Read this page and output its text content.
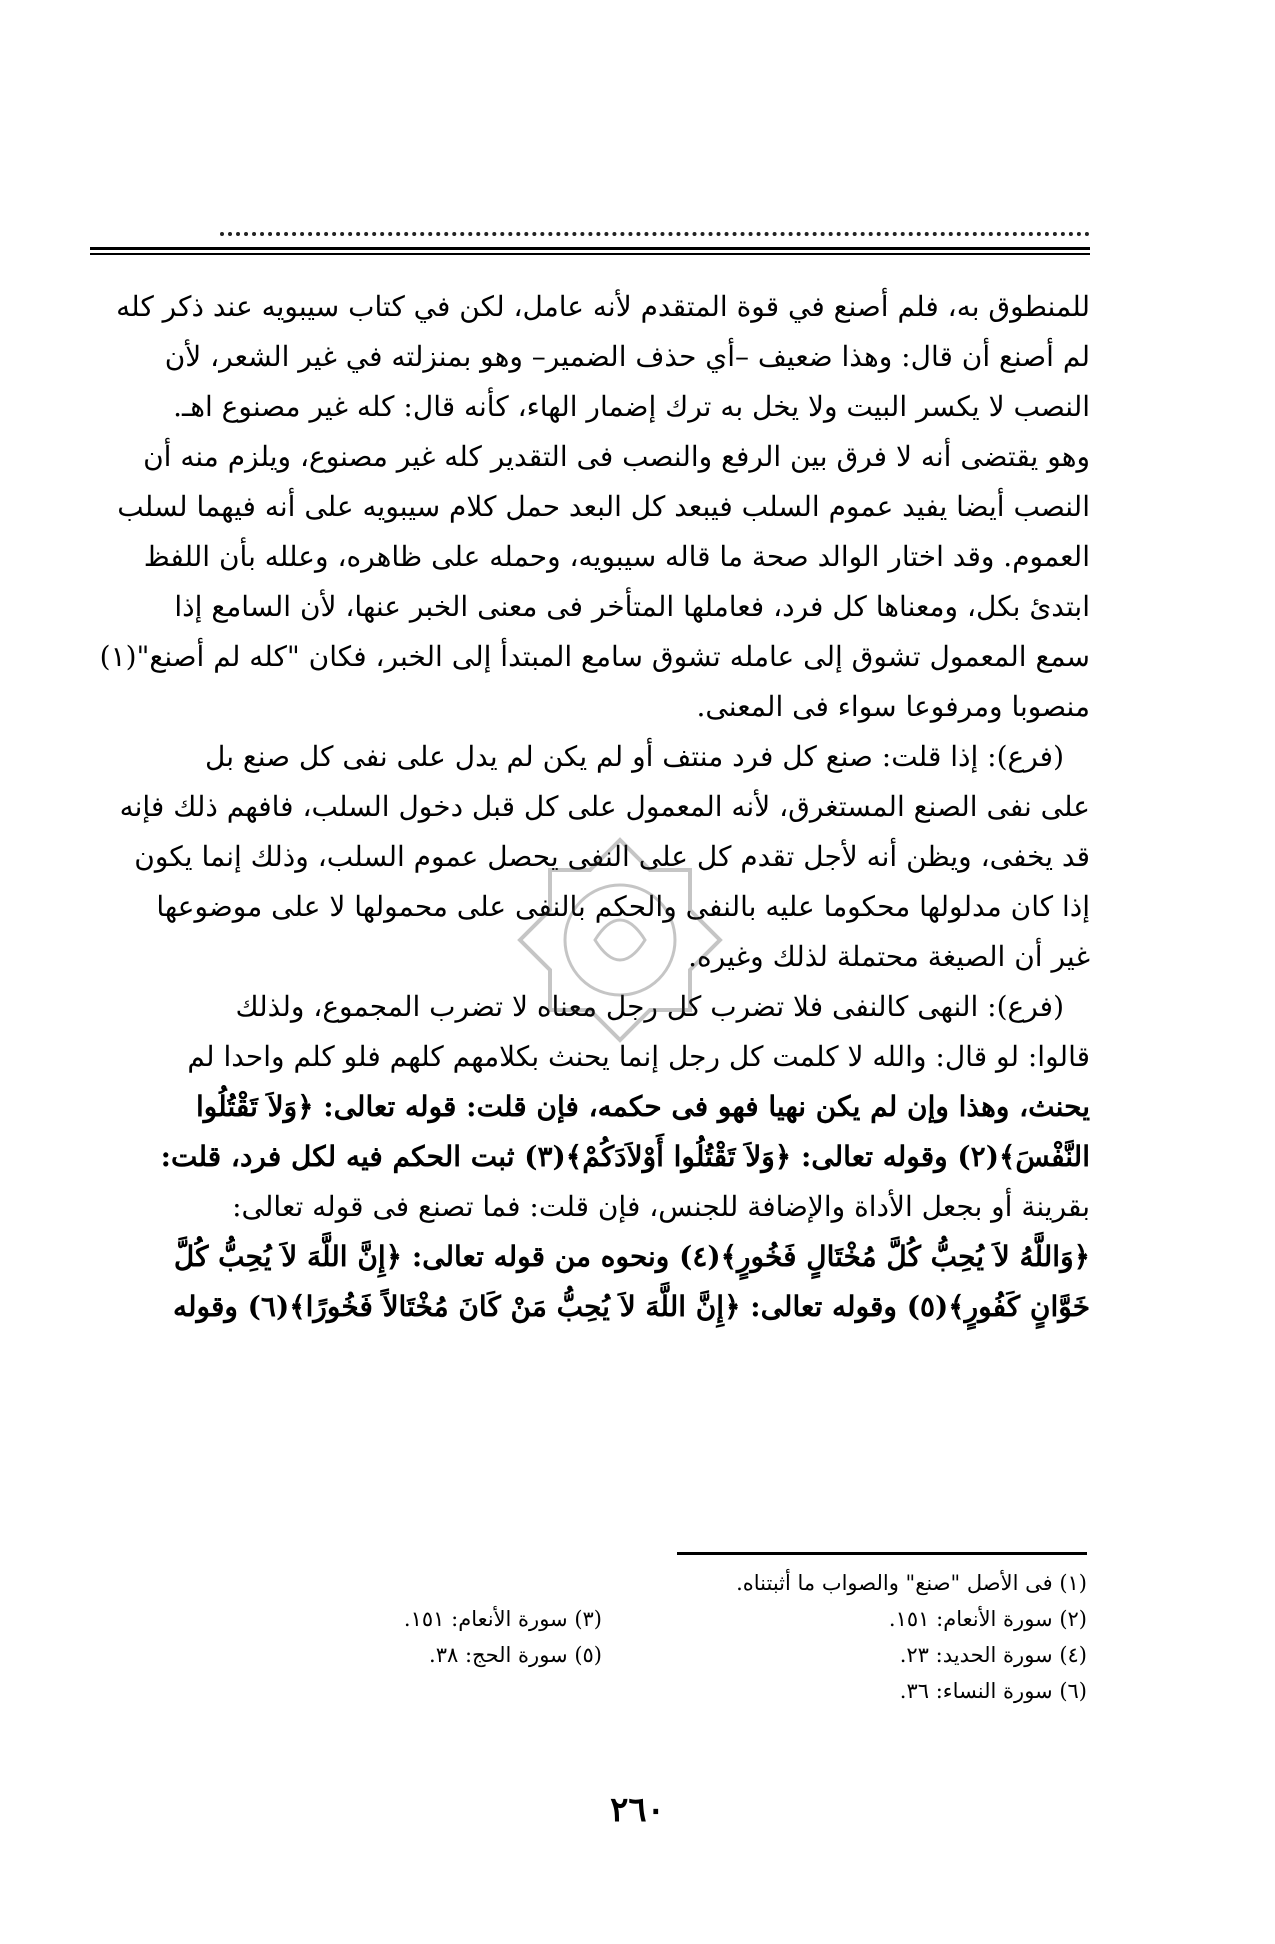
للمنطوق به، فلم أصنع في قوة المتقدم لأنه عامل، لكن في كتاب سيبويه عند ذكر كله

لم أصنع أن قال: وهذا ضعيف –أي حذف الضمير– وهو بمنزلته في غير الشعر، لأن

النصب لا يكسر البيت ولا يخل به ترك إضمار الهاء، كأنه قال: كله غير مصنوع اهـ.

وهو يقتضى أنه لا فرق بين الرفع والنصب فى التقدير كله غير مصنوع، ويلزم منه أن

النصب أيضا يفيد عموم السلب فيبعد كل البعد حمل كلام سيبويه على أنه فيهما لسلب

العموم. وقد اختار الوالد صحة ما قاله سيبويه، وحمله على ظاهره، وعلله بأن اللفظ

ابتدئ بكل، ومعناها كل فرد، فعاملها المتأخر فى معنى الخبر عنها، لأن السامع إذا

سمع المعمول تشوق إلى عامله تشوق سامع المبتدأ إلى الخبر، فكان "كله لم أصنع"(١)

منصوبا ومرفوعا سواء فى المعنى.

(فرع): إذا قلت: صنع كل فرد منتف أو لم يكن لم يدل على نفى كل صنع بل

على نفى الصنع المستغرق، لأنه المعمول على كل قبل دخول السلب، فافهم ذلك فإنه

قد يخفى، ويظن أنه لأجل تقدم كل على النفى يحصل عموم السلب، وذلك إنما يكون

إذا كان مدلولها محكوما عليه بالنفى والحكم بالنفى على محمولها لا على موضوعها

غير أن الصيغة محتملة لذلك وغيره.

(فرع): النهى كالنفى فلا تضرب كل رجل معناه لا تضرب المجموع، ولذلك

قالوا: لو قال: والله لا كلمت كل رجل إنما يحنث بكلامهم كلهم فلو كلم واحدا لم

يحنث، وهذا وإن لم يكن نهيا فهو فى حكمه، فإن قلت: قوله تعالى: ﴿وَلاَ تَقْتُلُوا

النَّفْسَ﴾(٢) وقوله تعالى: ﴿وَلاَ تَقْتُلُوا أَوْلاَدَكُمْ﴾(٣) ثبت الحكم فيه لكل فرد، قلت:

بقرينة أو بجعل الأداة والإضافة للجنس، فإن قلت: فما تصنع فى قوله تعالى:

﴿وَاللَّهُ لاَ يُحِبُّ كُلَّ مُخْتَالٍ فَخُورٍ﴾(٤) ونحوه من قوله تعالى: ﴿إِنَّ اللَّهَ لاَ يُحِبُّ كُلَّ

خَوَّانٍ كَفُورٍ﴾(٥) وقوله تعالى: ﴿إِنَّ اللَّهَ لاَ يُحِبُّ مَنْ كَانَ مُخْتَالاً فَخُورًا﴾(٦) وقوله

(١) فى الأصل "صنع" والصواب ما أثبتناه.
(٢) سورة الأنعام: ١٥١.
(٣) سورة الأنعام: ١٥١.
(٤) سورة الحديد: ٢٣.
(٥) سورة الحج: ٣٨.
(٦) سورة النساء: ٣٦.
٢٦٠
